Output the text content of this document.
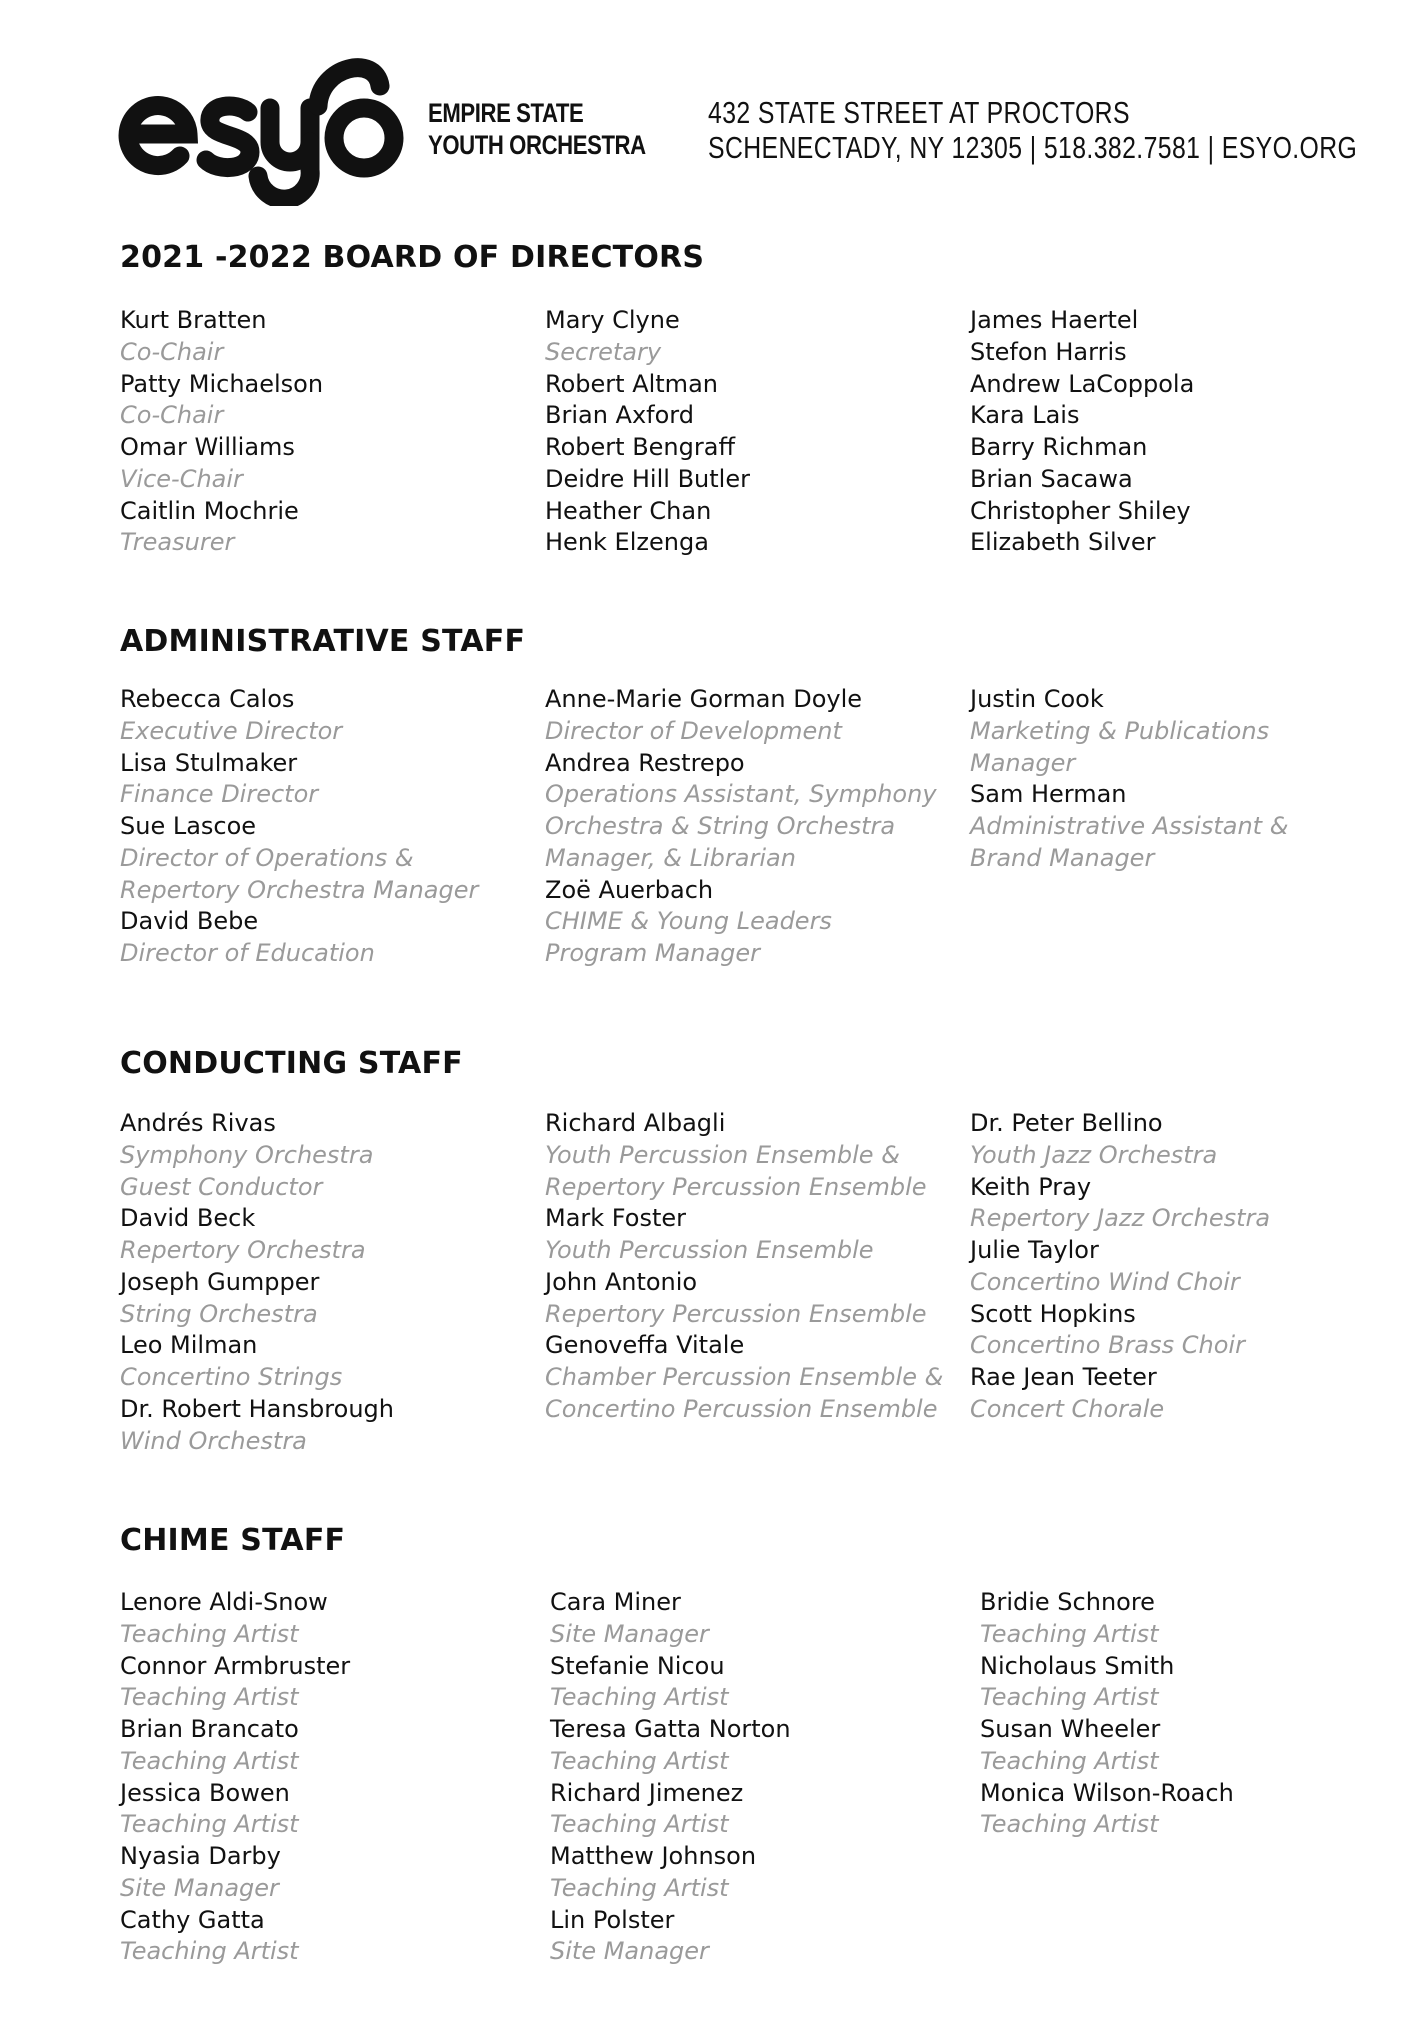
esyo
EMPIRE STATE
YOUTH ORCHESTRA
432 STATE STREET AT PROCTORS
SCHENECTADY, NY 12305 | 518.382.7581 | ESYO.ORG
2021 -2022 BOARD OF DIRECTORS
ADMINISTRATIVE STAFF
CONDUCTING STAFF
CHIME STAFF
Kurt Bratten
Co-Chair
Patty Michaelson
Co-Chair
Omar Williams
Vice-Chair
Caitlin Mochrie
Treasurer
Mary Clyne
Secretary
Robert Altman
Brian Axford
Robert Bengraff
Deidre Hill Butler
Heather Chan
Henk Elzenga
James Haertel
Stefon Harris
Andrew LaCoppola
Kara Lais
Barry Richman
Brian Sacawa
Christopher Shiley
Elizabeth Silver
Rebecca Calos
Executive Director
Lisa Stulmaker
Finance Director
Sue Lascoe
Director of Operations &
Repertory Orchestra Manager
David Bebe
Director of Education
Anne-Marie Gorman Doyle
Director of Development
Andrea Restrepo
Operations Assistant, Symphony
Orchestra & String Orchestra
Manager, & Librarian
Zoë Auerbach
CHIME & Young Leaders
Program Manager
Justin Cook
Marketing & Publications
Manager
Sam Herman
Administrative Assistant &
Brand Manager
Andrés Rivas
Symphony Orchestra
Guest Conductor
David Beck
Repertory Orchestra
Joseph Gumpper
String Orchestra
Leo Milman
Concertino Strings
Dr. Robert Hansbrough
Wind Orchestra
Richard Albagli
Youth Percussion Ensemble &
Repertory Percussion Ensemble
Mark Foster
Youth Percussion Ensemble
John Antonio
Repertory Percussion Ensemble
Genoveffa Vitale
Chamber Percussion Ensemble &
Concertino Percussion Ensemble
Dr. Peter Bellino
Youth Jazz Orchestra
Keith Pray
Repertory Jazz Orchestra
Julie Taylor
Concertino Wind Choir
Scott Hopkins
Concertino Brass Choir
Rae Jean Teeter
Concert Chorale
Lenore Aldi-Snow
Teaching Artist
Connor Armbruster
Teaching Artist
Brian Brancato
Teaching Artist
Jessica Bowen
Teaching Artist
Nyasia Darby
Site Manager
Cathy Gatta
Teaching Artist
Cara Miner
Site Manager
Stefanie Nicou
Teaching Artist
Teresa Gatta Norton
Teaching Artist
Richard Jimenez
Teaching Artist
Matthew Johnson
Teaching Artist
Lin Polster
Site Manager
Bridie Schnore
Teaching Artist
Nicholaus Smith
Teaching Artist
Susan Wheeler
Teaching Artist
Monica Wilson-Roach
Teaching Artist
